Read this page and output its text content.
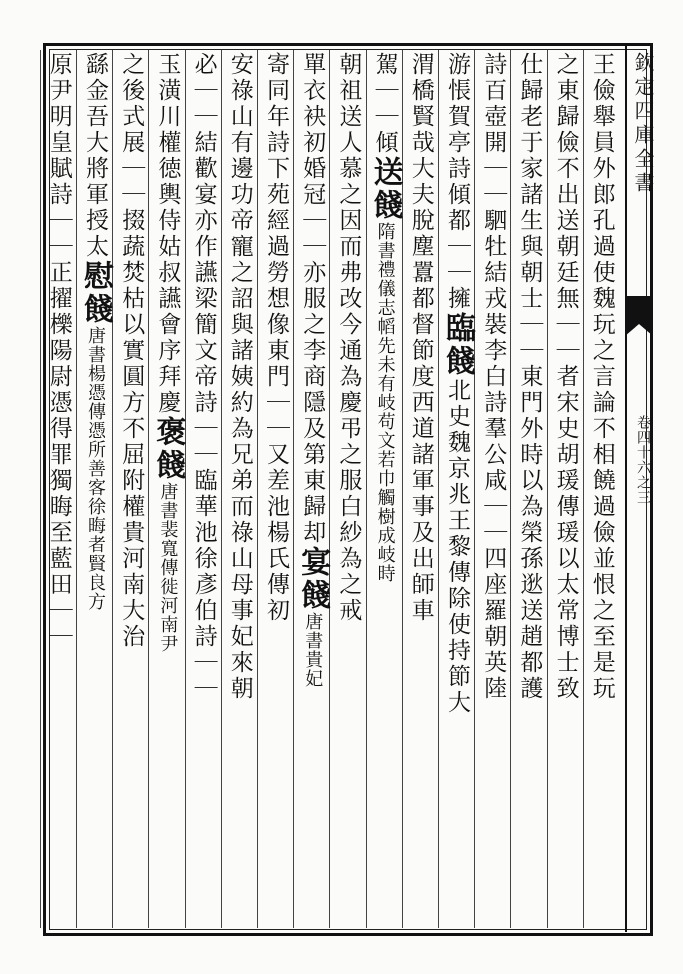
欽定四庫全書
卷四十六之三
王儉舉員外郎孔過使魏玩之言論不相饒過儉並恨之至是玩
之東歸儉不出送朝廷無｜｜者宋史胡瑗傳瑗以太常博士致
仕歸老于家諸生與朝士｜｜東門外時以為榮孫逖送趙都護
詩百壺開｜｜駟牡結戎裝李白詩羣公咸｜｜四座羅朝英陸
游悵賀亭詩傾都｜｜擁臨餞北史魏京兆王黎傳除使持節大
渭橋賢哉大夫脫塵囂都督節度西道諸軍事及出師車
駕｜｜傾送餞隋書禮儀志幍先未有岐苟文若巾觸樹成岐時
朝祖送人慕之因而弗改今通為慶弔之服白紗為之戒
單衣袂初婚冠｜｜亦服之李商隱及第東歸却宴餞唐書貴妃
寄同年詩下苑經過勞想像東門｜｜又差池楊氏傳初
安祿山有邊功帝寵之詔與諸姨約為兄弟而祿山母事妃來朝
必｜｜結歡宴亦作讌梁簡文帝詩｜｜臨華池徐彥伯詩｜｜
玉潢川權徳輿侍姑叔讌會序拜慶褒餞唐書裴寬傳徙河南尹
之後式展｜｜掇蔬焚枯以實圓方不屈附權貴河南大治
繇金吾大將軍授太慰餞唐書楊憑傳憑所善客徐晦者賢良方
原尹明皇賦詩｜｜正擢櫟陽尉憑得罪獨晦至藍田｜｜
